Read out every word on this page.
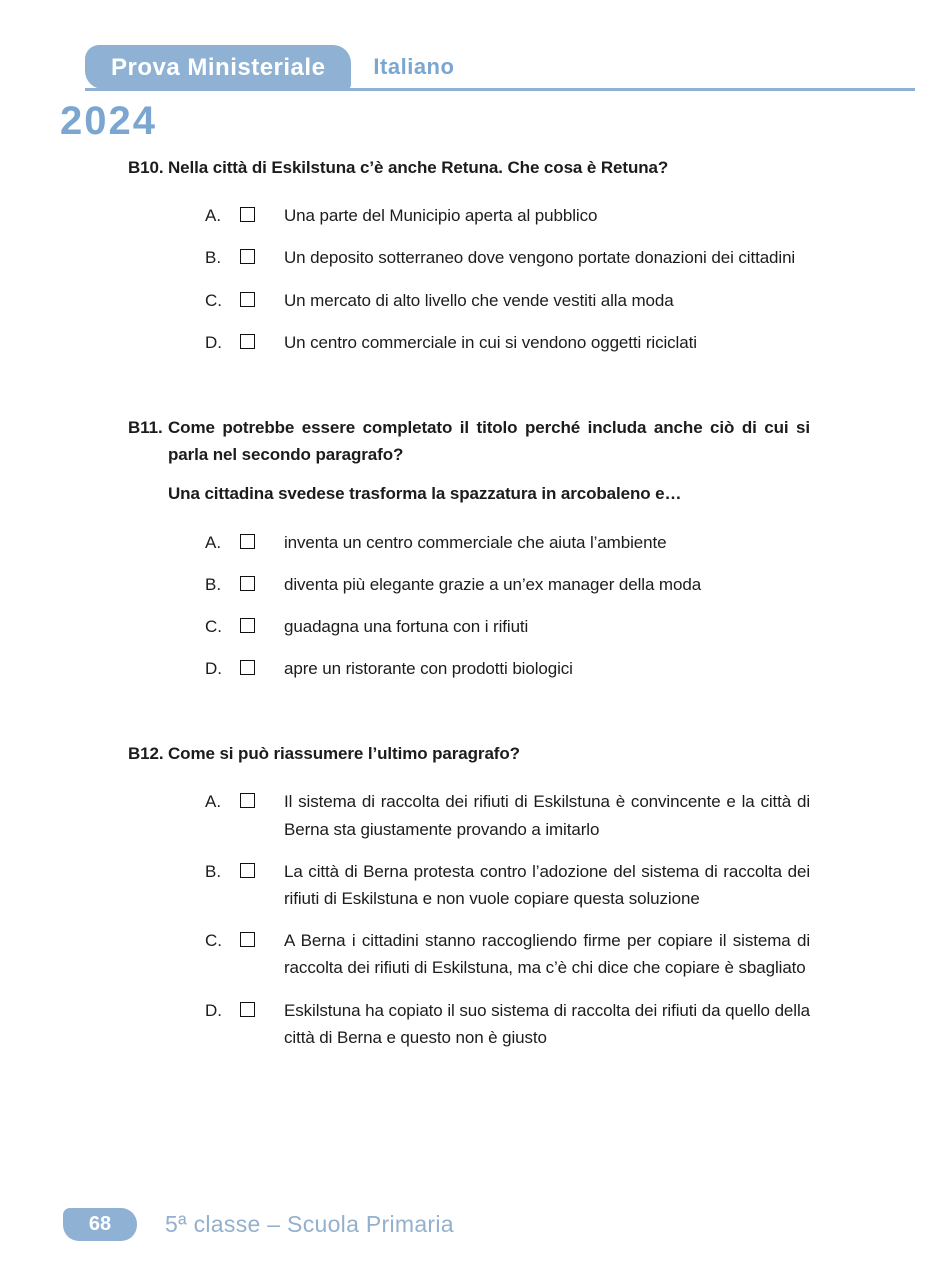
Prova Ministeriale	Italiano
2024
B10. Nella città di Eskilstuna c’è anche Retuna. Che cosa è Retuna?

A.	Una parte del Municipio aperta al pubblico

B.	Un deposito sotterraneo dove vengono portate donazioni dei cittadini

C.	Un mercato di alto livello che vende vestiti alla moda

D.	Un centro commerciale in cui si vendono oggetti riciclati

B11. Come potrebbe essere completato il titolo perché includa anche ciò di cui si parla nel secondo paragrafo?

Una cittadina svedese trasforma la spazzatura in arcobaleno e…

A.	inventa un centro commerciale che aiuta l’ambiente

B.	diventa più elegante grazie a un’ex manager della moda

C.	guadagna una fortuna con i rifiuti

D.	apre un ristorante con prodotti biologici

B12. Come si può riassumere l’ultimo paragrafo?

A.	Il sistema di raccolta dei rifiuti di Eskilstuna è convincente e la città di Berna sta giustamente provando a imitarlo

B.	La città di Berna protesta contro l’adozione del sistema di raccolta dei rifiuti di Eskilstuna e non vuole copiare questa soluzione

C.	A Berna i cittadini stanno raccogliendo firme per copiare il sistema di raccolta dei rifiuti di Eskilstuna, ma c’è chi dice che copiare è sbagliato

D.	Eskilstuna ha copiato il suo sistema di raccolta dei rifiuti da quello della città di Berna e questo non è giusto

68 5ª classe – Scuola Primaria
